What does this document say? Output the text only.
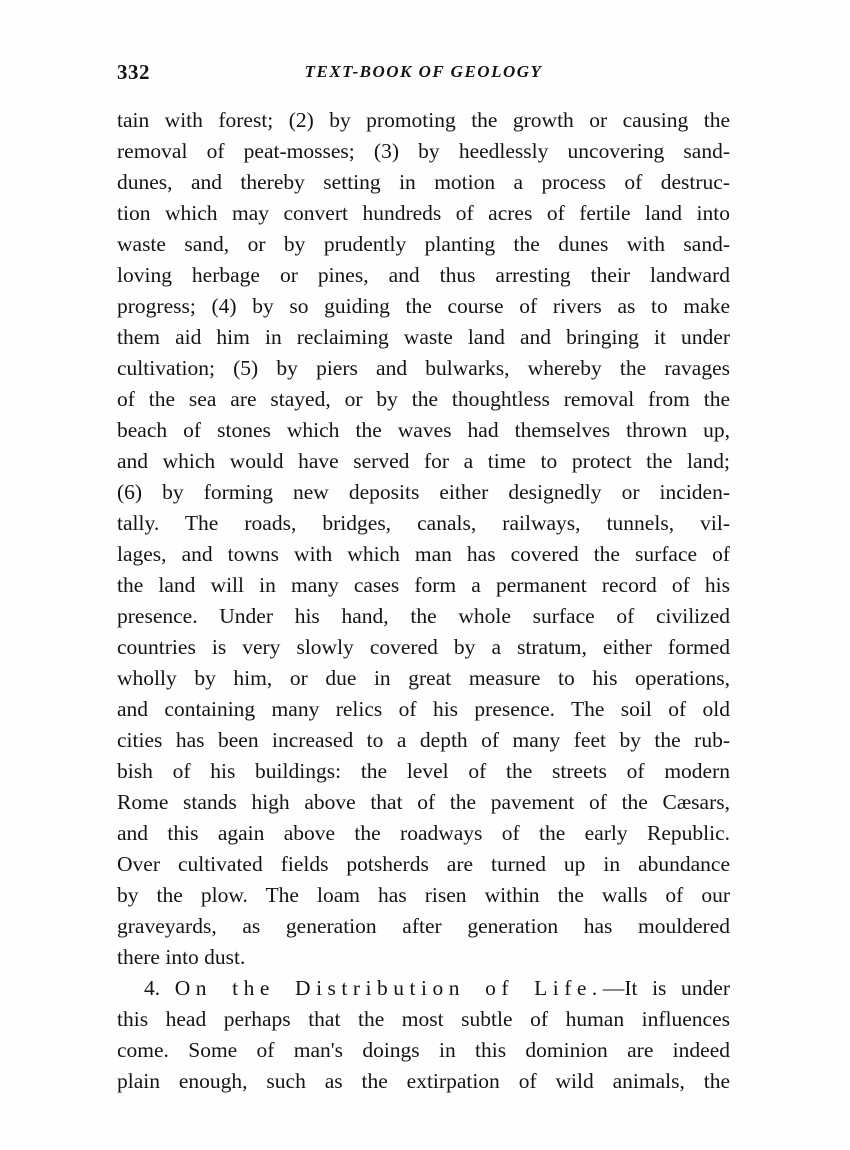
332	TEXT-BOOK OF GEOLOGY
tain with forest; (2) by promoting the growth or causing the
removal of peat-mosses; (3) by heedlessly uncovering sand-
dunes, and thereby setting in motion a process of destruc-
tion which may convert hundreds of acres of fertile land into
waste sand, or by prudently planting the dunes with sand-
loving herbage or pines, and thus arresting their landward
progress; (4) by so guiding the course of rivers as to make
them aid him in reclaiming waste land and bringing it under
cultivation; (5) by piers and bulwarks, whereby the ravages
of the sea are stayed, or by the thoughtless removal from the
beach of stones which the waves had themselves thrown up,
and which would have served for a time to protect the land;
(6) by forming new deposits either designedly or inciden-
tally. The roads, bridges, canals, railways, tunnels, vil-
lages, and towns with which man has covered the surface of
the land will in many cases form a permanent record of his
presence. Under his hand, the whole surface of civilized
countries is very slowly covered by a stratum, either formed
wholly by him, or due in great measure to his operations,
and containing many relics of his presence. The soil of old
cities has been increased to a depth of many feet by the rub-
bish of his buildings: the level of the streets of modern
Rome stands high above that of the pavement of the Cæsars,
and this again above the roadways of the early Republic.
Over cultivated fields potsherds are turned up in abundance
by the plow. The loam has risen within the walls of our
graveyards, as generation after generation has mouldered
there into dust.
4. On the Distribution of Life.—It is under
this head perhaps that the most subtle of human influences
come. Some of man's doings in this dominion are indeed
plain enough, such as the extirpation of wild animals, the
